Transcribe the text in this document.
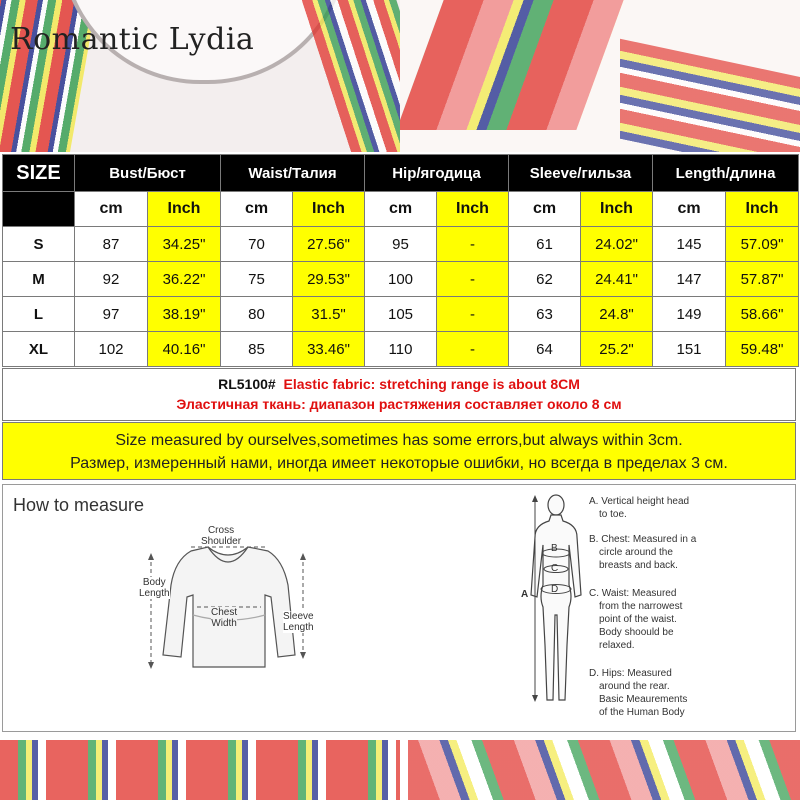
Romantic Lydia
SIZE	Bust/Бюст		Waist/Талия		Hip/ягодица		Sleeve/гильза		Length/длина	
	cm	Inch	cm	Inch	cm	Inch	cm	Inch	cm	Inch
S	87	34.25"	70	27.56"	95	-	61	24.02"	145	57.09"
M	92	36.22"	75	29.53"	100	-	62	24.41"	147	57.87"
L	97	38.19"	80	31.5"	105	-	63	24.8"	149	58.66"
XL	102	40.16"	85	33.46"	110	-	64	25.2"	151	59.48"
RL5100# Elastic fabric: stretching range is about 8CM
Эластичная ткань: диапазон растяжения составляет около 8 см
Size measured by ourselves,sometimes has some errors,but always within 3cm.
Размер, измеренный нами, иногда имеет некоторые ошибки, но всегда в пределах 3 см.
How to measure
Cross
Shoulder
Body
Length
Chest
Width
Sleeve
Length
A
B
C
D
A. Vertical height head
to toe.
B. Chest: Measured in a
circle around the
breasts and back.
C. Waist: Measured
from the narrowest
point of the waist.
Body shoould be
relaxed.
D. Hips: Measured
around the rear.
Basic Meaurements
of the Human Body
